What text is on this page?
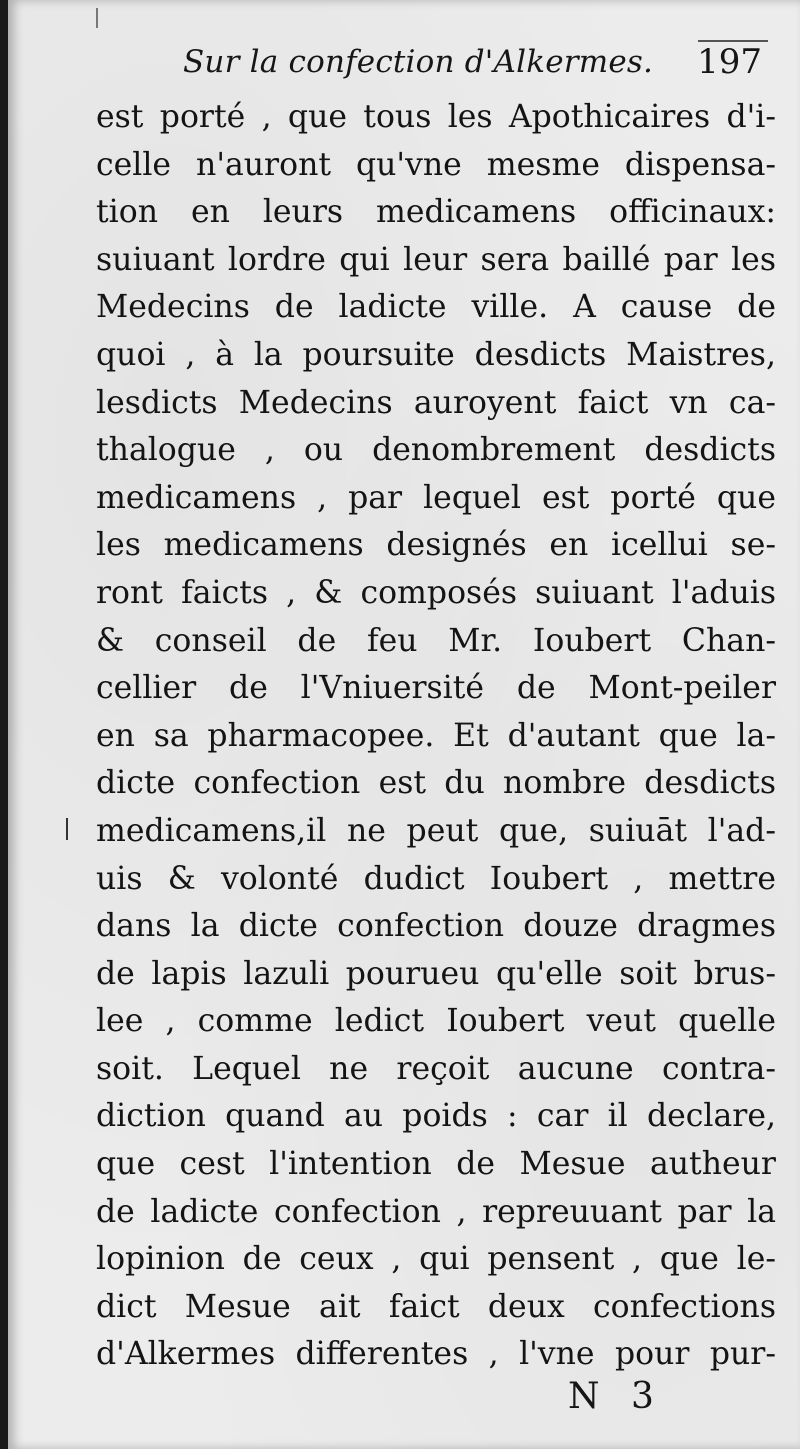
Sur la confection d'Alkermes. 197
est porté , que tous les Apothicaires d'i-
celle n'auront qu'vne mesme dispensa-
tion en leurs medicamens officinaux:
suiuant lordre qui leur sera baillé par les
Medecins de ladicte ville. A cause de
quoi , à la poursuite desdicts Maistres,
lesdicts Medecins auroyent faict vn ca-
thalogue , ou denombrement desdicts
medicamens , par lequel est porté que
les medicamens designés en icellui se-
ront faicts , & composés suiuant l'aduis
& conseil de feu Mr. Ioubert Chan-
cellier de l'Vniuersité de Mont-peiler
en sa pharmacopee. Et d'autant que la-
dicte confection est du nombre desdicts
medicamens,il ne peut que, suiuāt l'ad-
uis & volonté dudict Ioubert , mettre
dans la dicte confection douze dragmes
de lapis lazuli pourueu qu'elle soit brus-
lee , comme ledict Ioubert veut quelle
soit. Lequel ne reçoit aucune contra-
diction quand au poids : car il declare,
que cest l'intention de Mesue autheur
de ladicte confection , repreuuant par la
lopinion de ceux , qui pensent , que le-
dict Mesue ait faict deux confections
d'Alkermes differentes , l'vne pour pur-
N 3
